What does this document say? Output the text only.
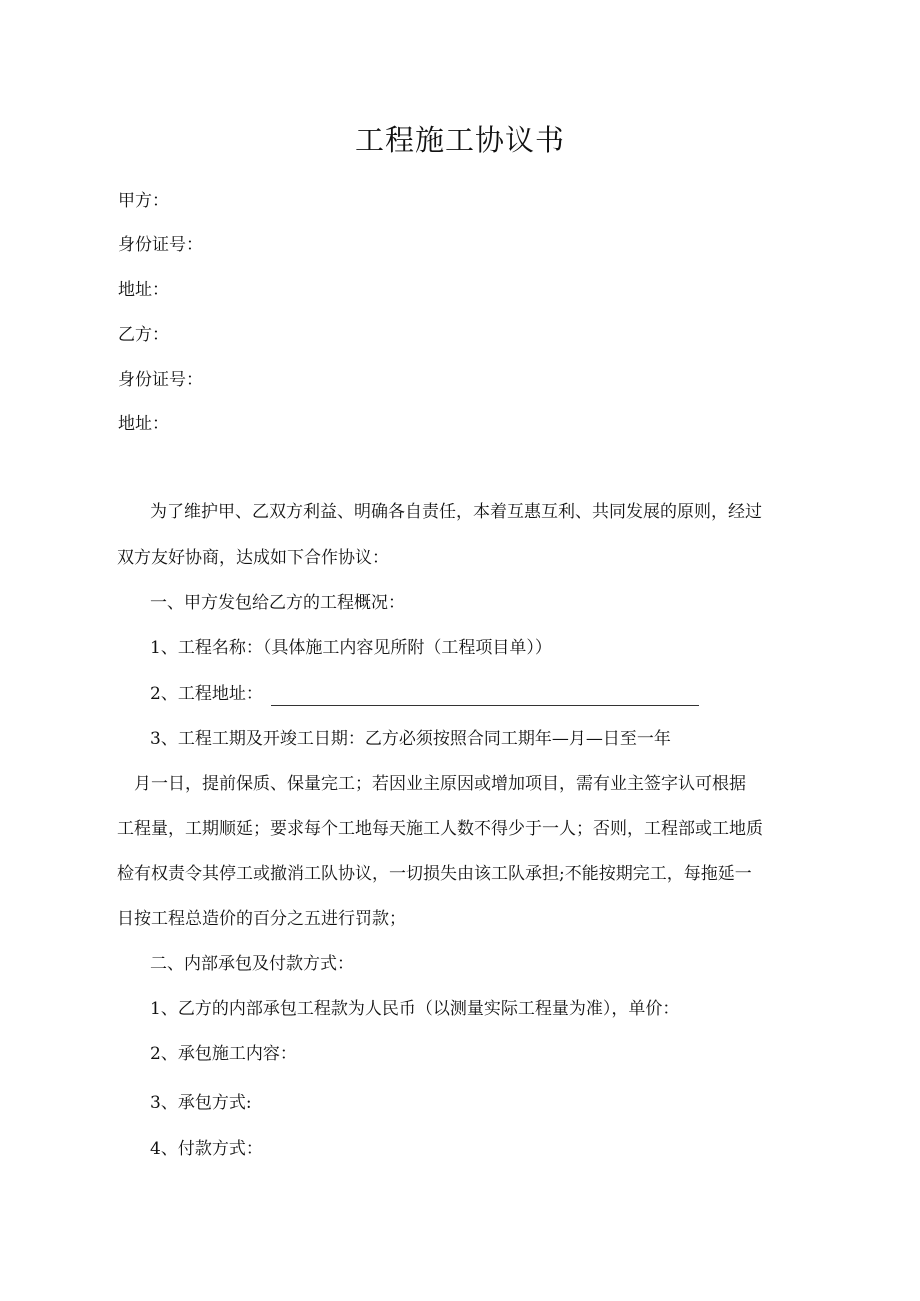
工程施工协议书

甲方：

身份证号：

地址：

乙方：

身份证号：

地址：

为了维护甲、乙双方利益、明确各自责任，本着互惠互利、共同发展的原则，经过

双方友好协商，达成如下合作协议：

一、甲方发包给乙方的工程概况：

1、工程名称：（具体施工内容见所附（工程项目单））

2、工程地址：

3、工程工期及开竣工日期：乙方必须按照合同工期年—月—日至一年

月一日，提前保质、保量完工；若因业主原因或增加项目，需有业主签字认可根据

工程量，工期顺延；要求每个工地每天施工人数不得少于一人；否则，工程部或工地质

检有权责令其停工或撤消工队协议，一切损失由该工队承担;不能按期完工，每拖延一

日按工程总造价的百分之五进行罚款；

二、内部承包及付款方式：

1、乙方的内部承包工程款为人民币（以测量实际工程量为准），单价：

2、承包施工内容：

3、承包方式:

4、付款方式：
